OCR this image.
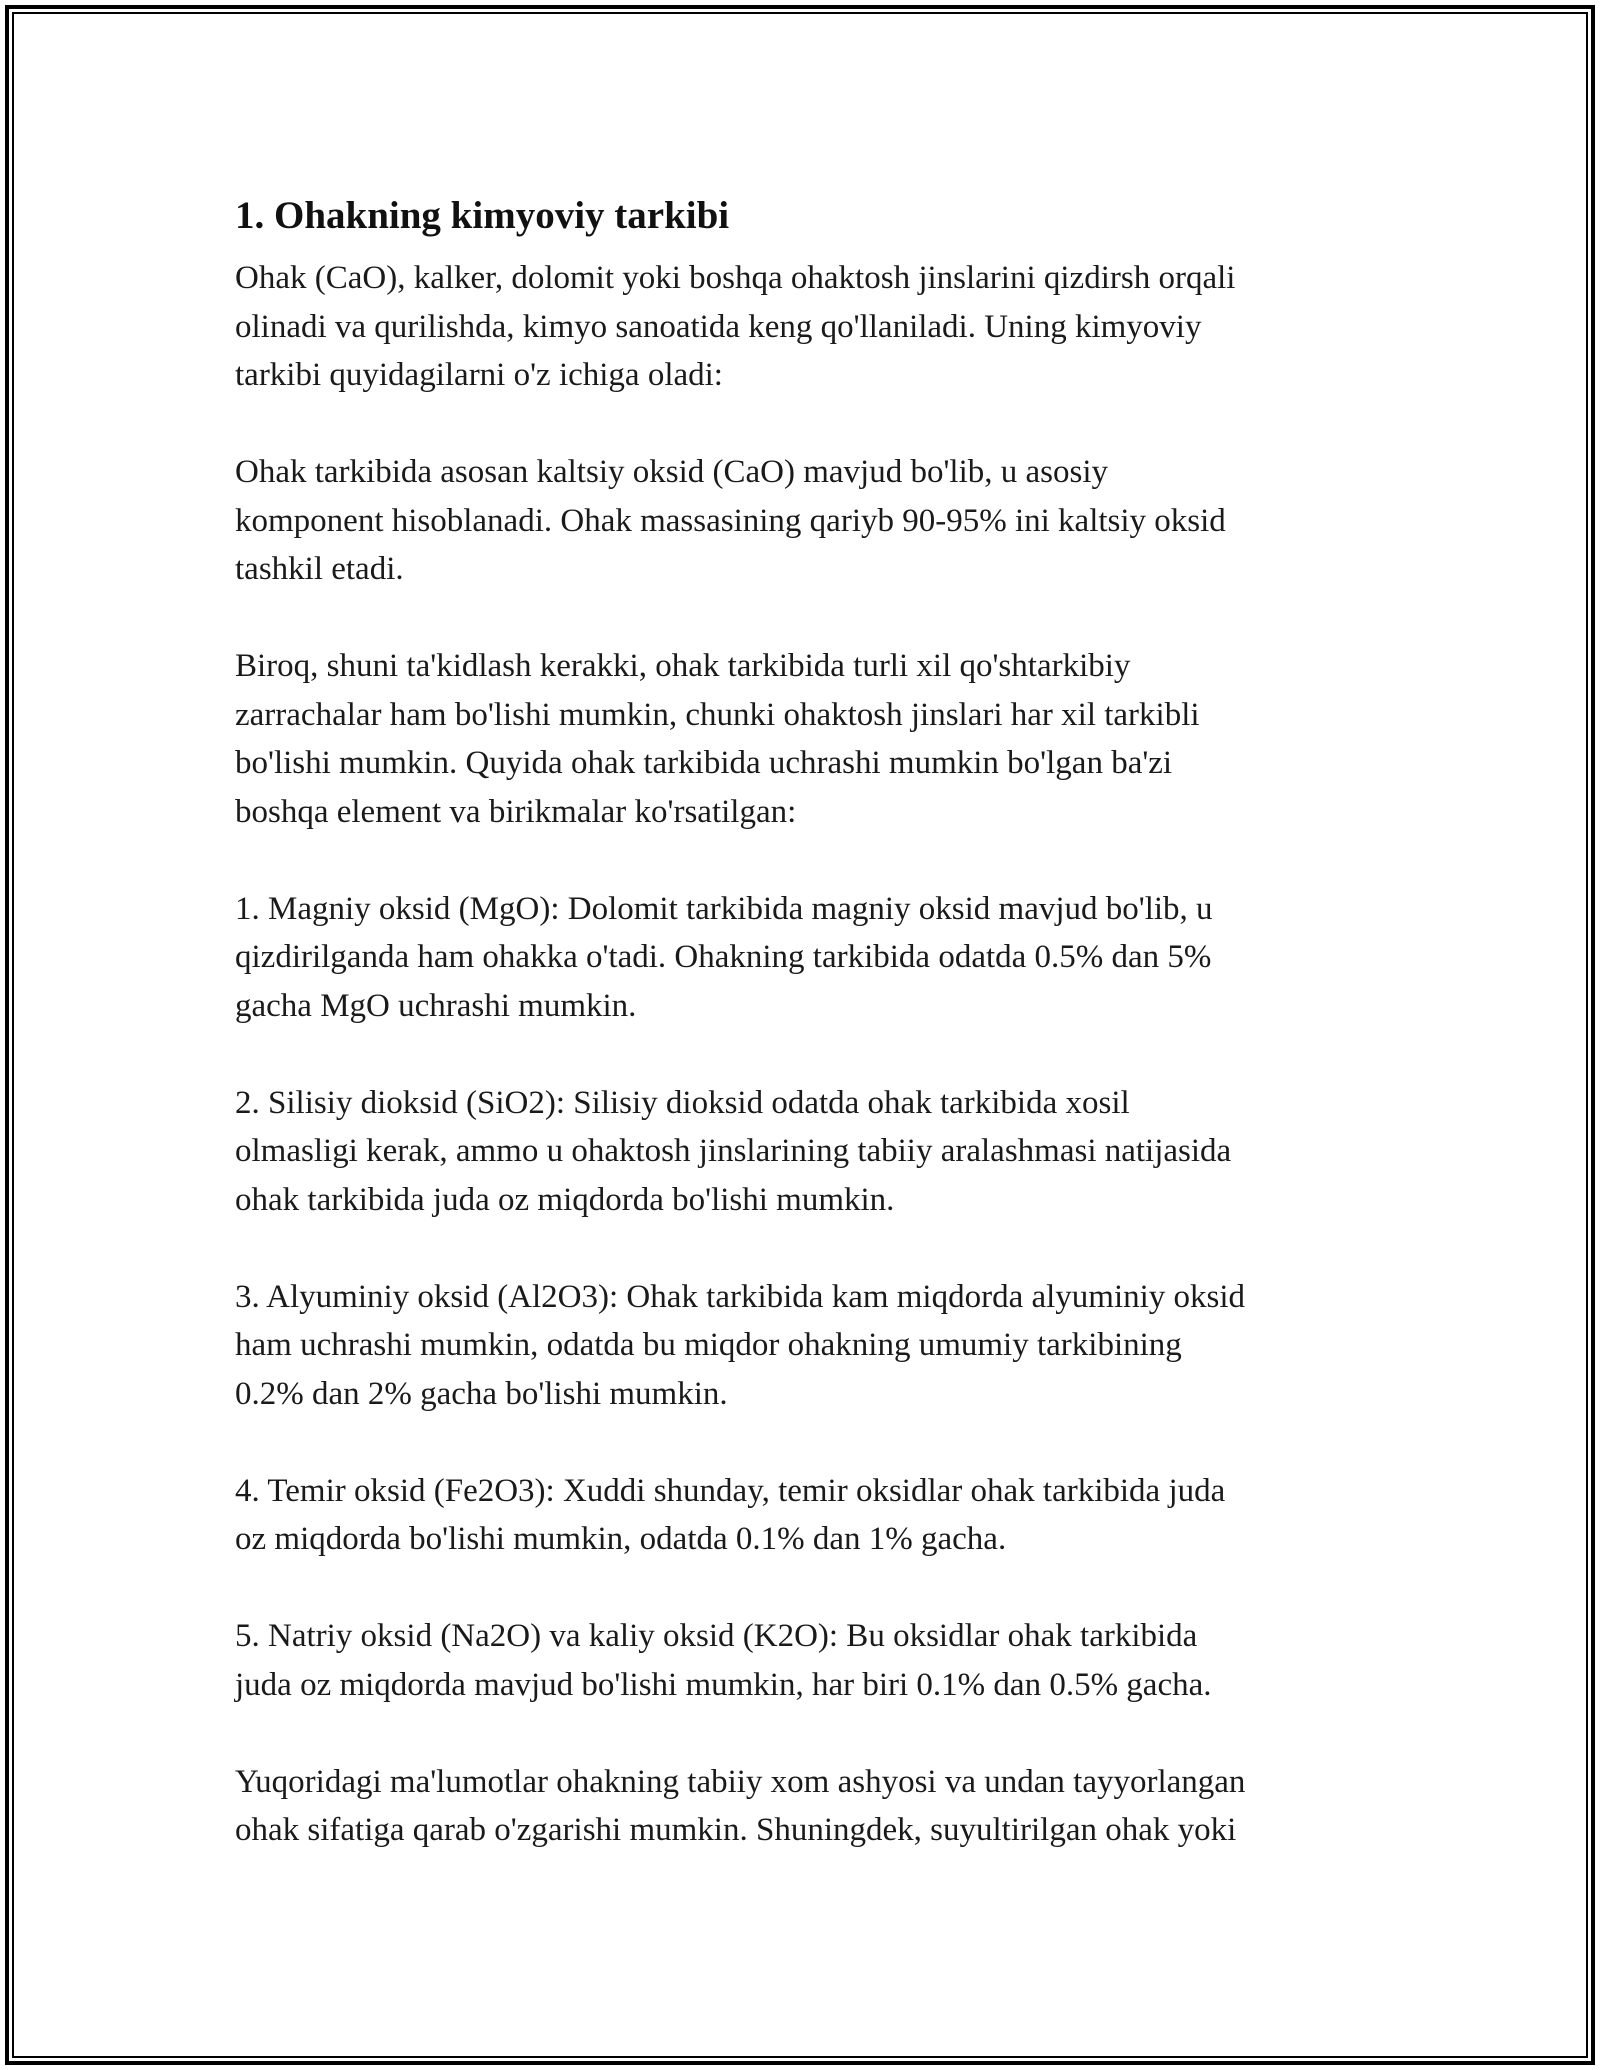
1. Ohakning kimyoviy tarkibi

Ohak (CaO), kalker, dolomit yoki boshqa ohaktosh jinslarini qizdirsh orqali
olinadi va qurilishda, kimyo sanoatida keng qo'llaniladi. Uning kimyoviy
tarkibi quyidagilarni o'z ichiga oladi:

Ohak tarkibida asosan kaltsiy oksid (CaO) mavjud bo'lib, u asosiy
komponent hisoblanadi. Ohak massasining qariyb 90-95% ini kaltsiy oksid
tashkil etadi.

Biroq, shuni ta'kidlash kerakki, ohak tarkibida turli xil qo'shtarkibiy
zarrachalar ham bo'lishi mumkin, chunki ohaktosh jinslari har xil tarkibli
bo'lishi mumkin. Quyida ohak tarkibida uchrashi mumkin bo'lgan ba'zi
boshqa element va birikmalar ko'rsatilgan:

1. Magniy oksid (MgO): Dolomit tarkibida magniy oksid mavjud bo'lib, u
qizdirilganda ham ohakka o'tadi. Ohakning tarkibida odatda 0.5% dan 5%
gacha MgO uchrashi mumkin.

2. Silisiy dioksid (SiO2): Silisiy dioksid odatda ohak tarkibida xosil
olmasligi kerak, ammo u ohaktosh jinslarining tabiiy aralashmasi natijasida
ohak tarkibida juda oz miqdorda bo'lishi mumkin.

3. Alyuminiy oksid (Al2O3): Ohak tarkibida kam miqdorda alyuminiy oksid
ham uchrashi mumkin, odatda bu miqdor ohakning umumiy tarkibining
0.2% dan 2% gacha bo'lishi mumkin.

4. Temir oksid (Fe2O3): Xuddi shunday, temir oksidlar ohak tarkibida juda
oz miqdorda bo'lishi mumkin, odatda 0.1% dan 1% gacha.

5. Natriy oksid (Na2O) va kaliy oksid (K2O): Bu oksidlar ohak tarkibida
juda oz miqdorda mavjud bo'lishi mumkin, har biri 0.1% dan 0.5% gacha.

Yuqoridagi ma'lumotlar ohakning tabiiy xom ashyosi va undan tayyorlangan
ohak sifatiga qarab o'zgarishi mumkin. Shuningdek, suyultirilgan ohak yoki
